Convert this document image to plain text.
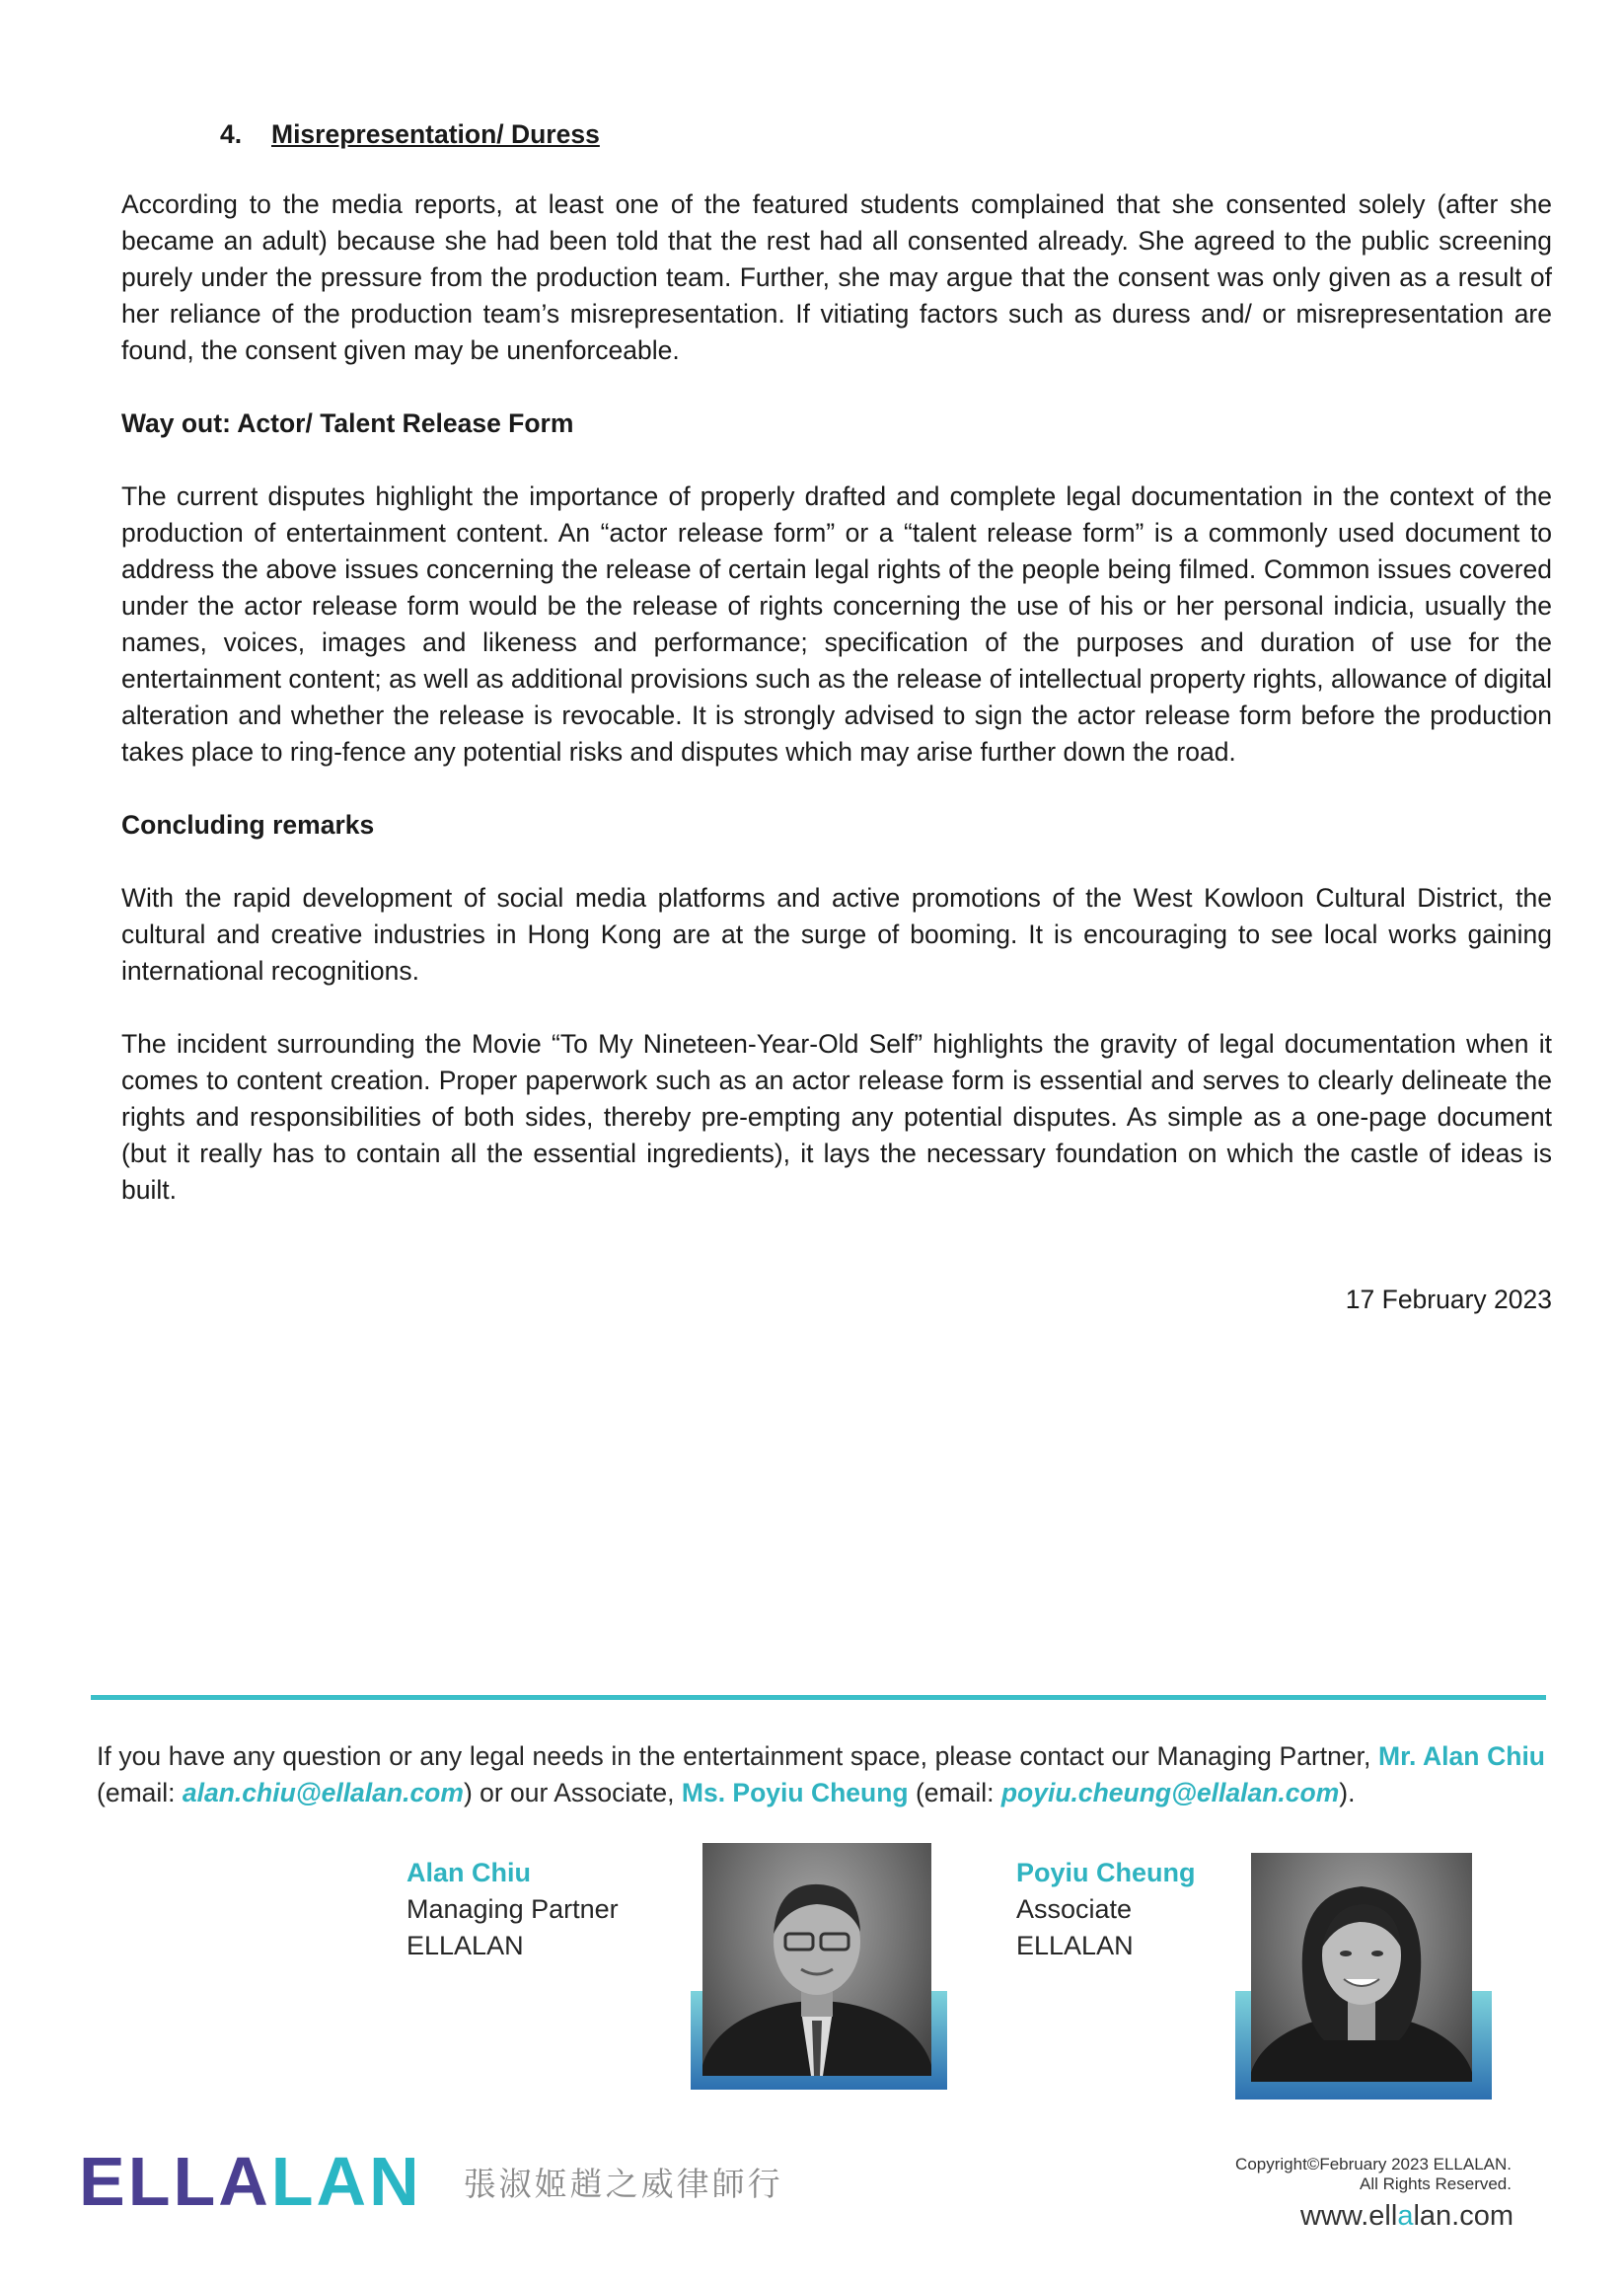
4.	Misrepresentation/ Duress

According to the media reports, at least one of the featured students complained that she consented solely (after she became an adult) because she had been told that the rest had all consented already. She agreed to the public screening purely under the pressure from the production team. Further, she may argue that the consent was only given as a result of her reliance of the production team’s misrepresentation. If vitiating factors such as duress and/ or misrepresentation are found, the consent given may be unenforceable.

Way out: Actor/ Talent Release Form

The current disputes highlight the importance of properly drafted and complete legal documentation in the context of the production of entertainment content. An “actor release form” or a “talent release form” is a commonly used document to address the above issues concerning the release of certain legal rights of the people being filmed. Common issues covered under the actor release form would be the release of rights concerning the use of his or her personal indicia, usually the names, voices, images and likeness and performance; specification of the purposes and duration of use for the entertainment content; as well as additional provisions such as the release of intellectual property rights, allowance of digital alteration and whether the release is revocable. It is strongly advised to sign the actor release form before the production takes place to ring-fence any potential risks and disputes which may arise further down the road.

Concluding remarks

With the rapid development of social media platforms and active promotions of the West Kowloon Cultural District, the cultural and creative industries in Hong Kong are at the surge of booming. It is encouraging to see local works gaining international recognitions.

The incident surrounding the Movie “To My Nineteen-Year-Old Self” highlights the gravity of legal documentation when it comes to content creation. Proper paperwork such as an actor release form is essential and serves to clearly delineate the rights and responsibilities of both sides, thereby pre-empting any potential disputes. As simple as a one-page document (but it really has to contain all the essential ingredients), it lays the necessary foundation on which the castle of ideas is built.

17 February 2023

If you have any question or any legal needs in the entertainment space, please contact our Managing Partner, Mr. Alan Chiu (email: alan.chiu@ellalan.com) or our Associate, Ms. Poyiu Cheung (email: poyiu.cheung@ellalan.com).

Alan Chiu
Managing Partner
ELLALAN
Poyiu Cheung
Associate
ELLALAN
ELLALAN 張淑姬趙之威律師行	Copyright©February 2023 ELLALAN.
All Rights Reserved.
www.ellalan.com
